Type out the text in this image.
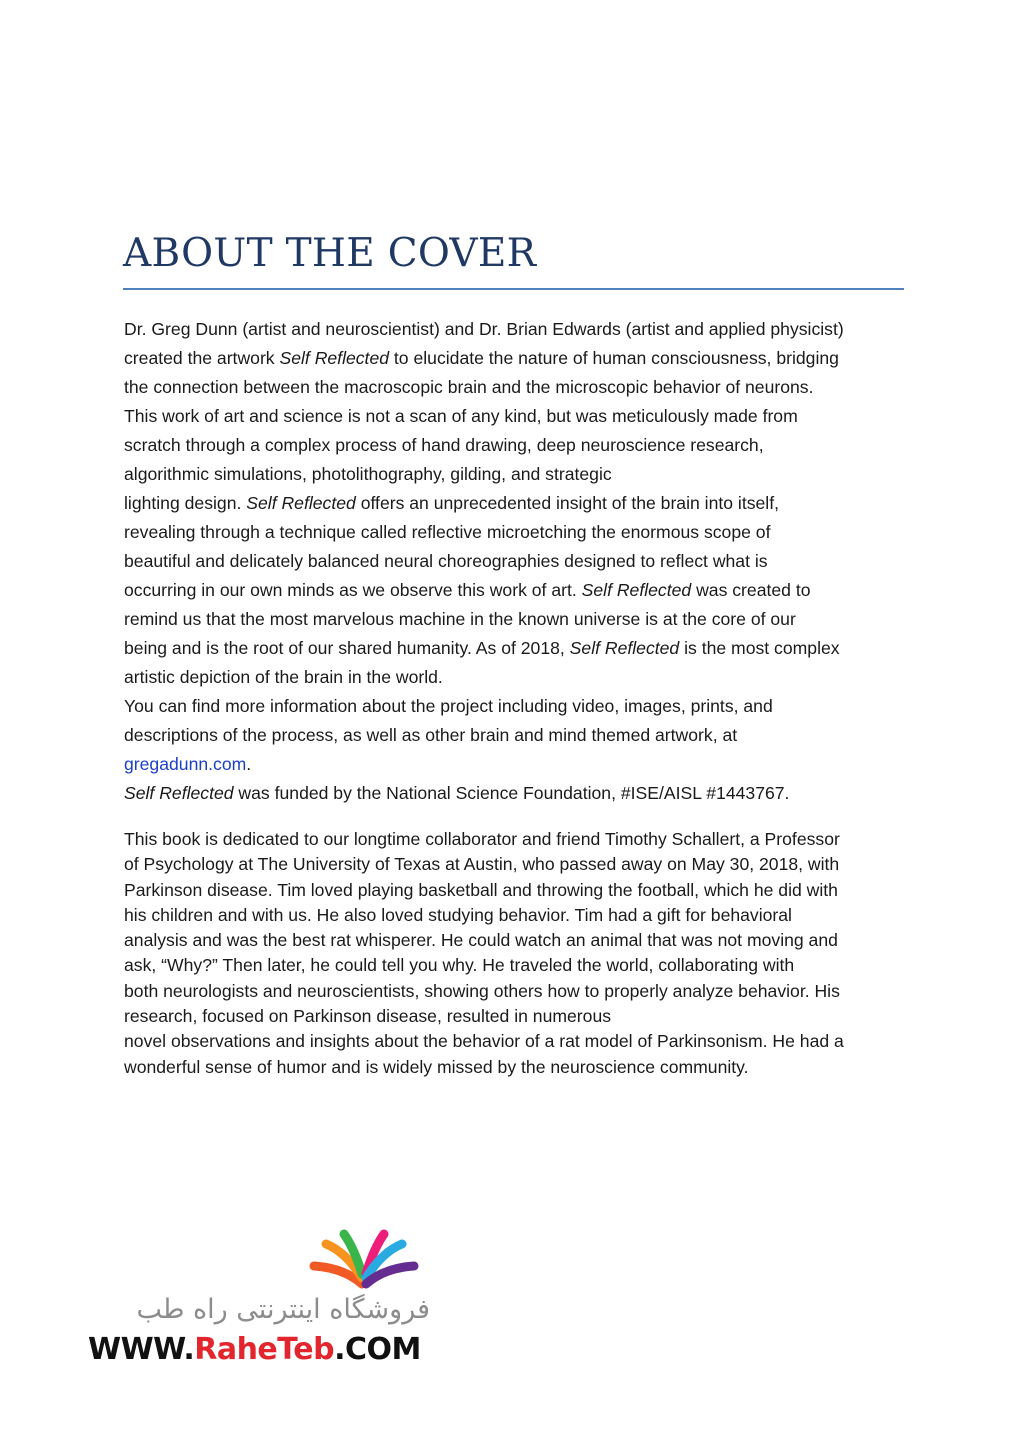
ABOUT THE COVER
Dr. Greg Dunn (artist and neuroscientist) and Dr. Brian Edwards (artist and applied physicist)
created the artwork Self Reflected to elucidate the nature of human consciousness, bridging
the connection between the macroscopic brain and the microscopic behavior of neurons.
This work of art and science is not a scan of any kind, but was meticulously made from
scratch through a complex process of hand drawing, deep neuroscience research,
algorithmic simulations, photolithography, gilding, and strategic
lighting design. Self Reflected offers an unprecedented insight of the brain into itself,
revealing through a technique called reflective microetching the enormous scope of
beautiful and delicately balanced neural choreographies designed to reflect what is
occurring in our own minds as we observe this work of art. Self Reflected was created to
remind us that the most marvelous machine in the known universe is at the core of our
being and is the root of our shared humanity. As of 2018, Self Reflected is the most complex
artistic depiction of the brain in the world.
You can find more information about the project including video, images, prints, and
descriptions of the process, as well as other brain and mind themed artwork, at
gregadunn.com.
Self Reflected was funded by the National Science Foundation, #ISE/AISL #1443767.
This book is dedicated to our longtime collaborator and friend Timothy Schallert, a Professor
of Psychology at The University of Texas at Austin, who passed away on May 30, 2018, with
Parkinson disease. Tim loved playing basketball and throwing the football, which he did with
his children and with us. He also loved studying behavior. Tim had a gift for behavioral
analysis and was the best rat whisperer. He could watch an animal that was not moving and
ask, “Why?” Then later, he could tell you why. He traveled the world, collaborating with
both neurologists and neuroscientists, showing others how to properly analyze behavior. His
research, focused on Parkinson disease, resulted in numerous
novel observations and insights about the behavior of a rat model of Parkinsonism. He had a
wonderful sense of humor and is widely missed by the neuroscience community.

فروشگاه اینترنتی راه طب

WWW.RaheTeb.COM
